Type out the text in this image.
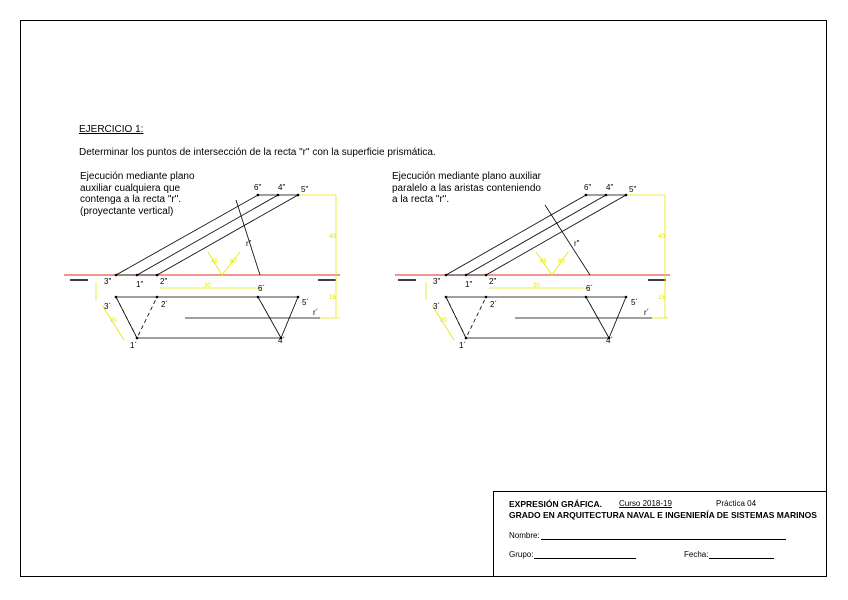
EJERCICIO 1:
Determinar los puntos de intersección de la recta "r" con la superficie prismática.
Ejecución mediante plano
auxiliar cualquiera que
contenga a la recta "r".
(proyectante vertical)
Ejecución mediante plano auxiliar
paralelo a las aristas conteniendo
a la recta "r".
6" 4" 5"
r"
3"	1" 2"
6´
3´	2´	5´
r´
1´
4´
40
30
15
20
45 60
6" 4" 5"
r"
3"	1" 2"
6´
3´	2´	5´
r´
1´
4´
40
30
15
20
45 60
EXPRESIÓN GRÁFICA. Curso 2018-19	Práctica 04
GRADO EN ARQUITECTURA NAVAL E INGENIERÍA DE SISTEMAS MARINOS
Nombre:
Grupo:	Fecha:
